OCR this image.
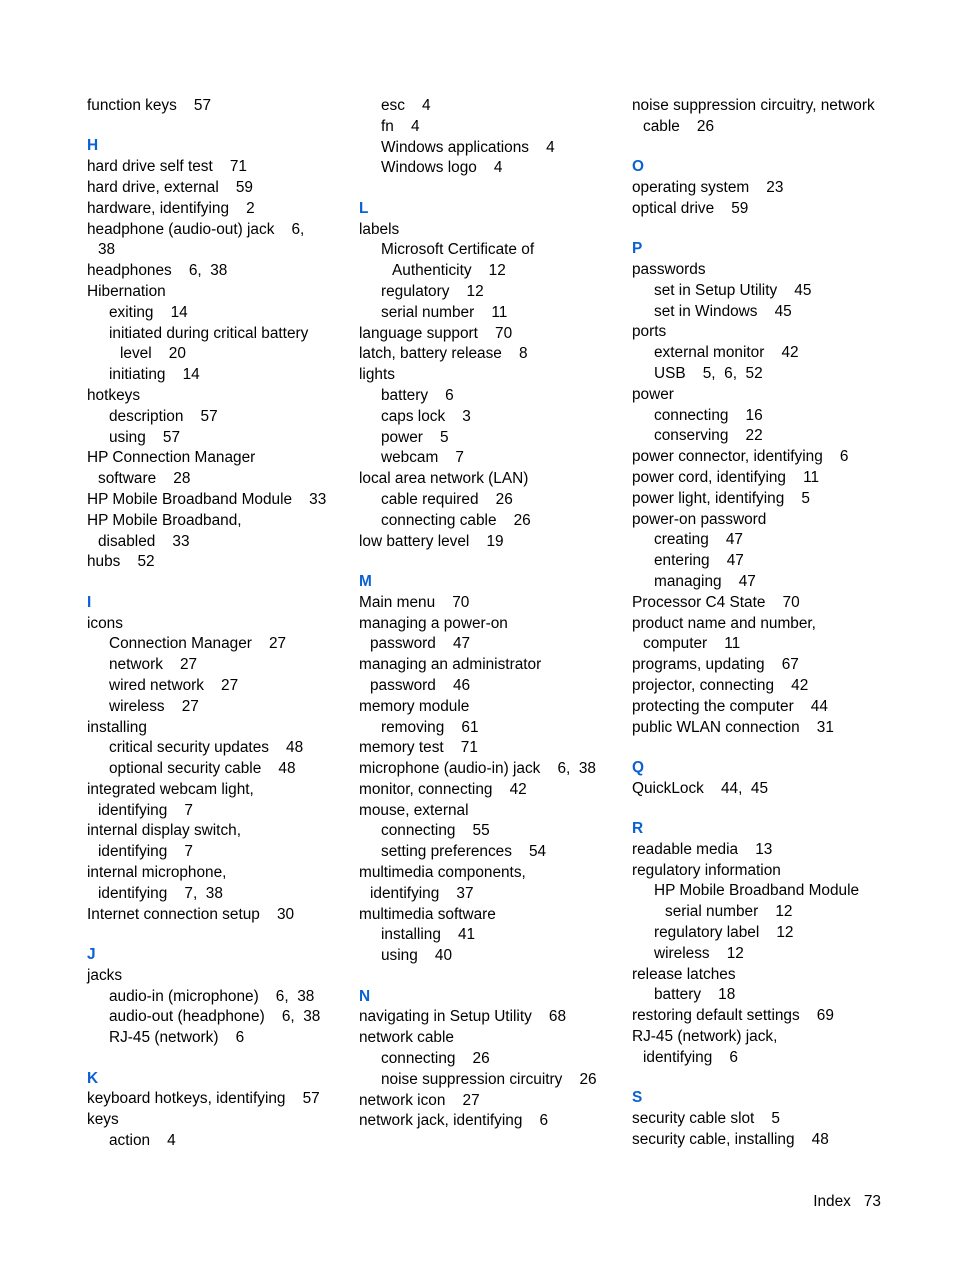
function keys    57
H
hard drive self test    71
hard drive, external    59
hardware, identifying    2
headphone (audio-out) jack    6,
38
headphones    6,  38
Hibernation
exiting    14
initiated during critical battery
level    20
initiating    14
hotkeys
description    57
using    57
HP Connection Manager
software    28
HP Mobile Broadband Module    33
HP Mobile Broadband,
disabled    33
hubs    52
I
icons
Connection Manager    27
network    27
wired network    27
wireless    27
installing
critical security updates    48
optional security cable    48
integrated webcam light,
identifying    7
internal display switch,
identifying    7
internal microphone,
identifying    7,  38
Internet connection setup    30
J
jacks
audio-in (microphone)    6,  38
audio-out (headphone)    6,  38
RJ-45 (network)    6
K
keyboard hotkeys, identifying    57
keys
action    4
esc    4
fn    4
Windows applications    4
Windows logo    4
L
labels
Microsoft Certificate of
Authenticity    12
regulatory    12
serial number    11
language support    70
latch, battery release    8
lights
battery    6
caps lock    3
power    5
webcam    7
local area network (LAN)
cable required    26
connecting cable    26
low battery level    19
M
Main menu    70
managing a power-on
password    47
managing an administrator
password    46
memory module
removing    61
memory test    71
microphone (audio-in) jack    6,  38
monitor, connecting    42
mouse, external
connecting    55
setting preferences    54
multimedia components,
identifying    37
multimedia software
installing    41
using    40
N
navigating in Setup Utility    68
network cable
connecting    26
noise suppression circuitry    26
network icon    27
network jack, identifying    6
noise suppression circuitry, network
cable    26
O
operating system    23
optical drive    59
P
passwords
set in Setup Utility    45
set in Windows    45
ports
external monitor    42
USB    5,  6,  52
power
connecting    16
conserving    22
power connector, identifying    6
power cord, identifying    11
power light, identifying    5
power-on password
creating    47
entering    47
managing    47
Processor C4 State    70
product name and number,
computer    11
programs, updating    67
projector, connecting    42
protecting the computer    44
public WLAN connection    31
Q
QuickLock    44,  45
R
readable media    13
regulatory information
HP Mobile Broadband Module
serial number    12
regulatory label    12
wireless    12
release latches
battery    18
restoring default settings    69
RJ-45 (network) jack,
identifying    6
S
security cable slot    5
security cable, installing    48
Index 73
